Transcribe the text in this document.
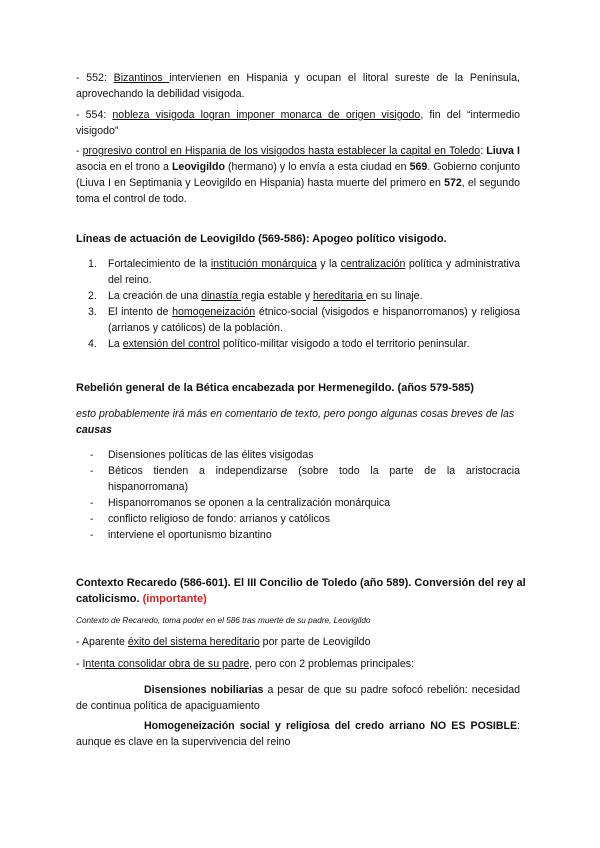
- 552: Bizantinos intervienen en Hispania y ocupan el litoral sureste de la Península, aprovechando la debilidad visigoda.
- 554: nobleza visigoda logran imponer monarca de origen visigodo, fin del “intermedio visigodo”
- progresivo control en Hispania de los visigodos hasta establecer la capital en Toledo: Liuva I asocia en el trono a Leovigildo (hermano) y lo envía a esta ciudad en 569. Gobierno conjunto (Liuva I en Septimania y Leovigildo en Hispania) hasta muerte del primero en 572, el segundo toma el control de todo.
Líneas de actuación de Leovigildo (569-586): Apogeo político visigodo.
1. Fortalecimiento de la institución monárquica y la centralización política y administrativa del reino.
2. La creación de una dinastía regia estable y hereditaria en su linaje.
3. El intento de homogeneización étnico-social (visigodos e hispanorromanos) y religiosa (arrianos y católicos) de la población.
4. La extensión del control político-militar visigodo a todo el territorio peninsular.
Rebelión general de la Bética encabezada por Hermenegildo. (años 579-585)
esto probablemente irá más en comentario de texto, pero pongo algunas cosas breves de las causas
- Disensiones políticas de las élites visigodas
- Béticos tienden a independizarse (sobre todo la parte de la aristocracia hispanorromana)
- Hispanorromanos se oponen a la centralización monárquica
- conflicto religioso de fondo: arrianos y católicos
- interviene el oportunismo bizantino
Contexto Recaredo (586-601). El III Concilio de Toledo (año 589). Conversión del rey al catolicismo. (importante)
Contexto de Recaredo, toma poder en el 586 tras muerte de su padre, Leovigildo
- Aparente éxito del sistema hereditario por parte de Leovigildo
- Intenta consolidar obra de su padre, pero con 2 problemas principales:
Disensiones nobiliarias a pesar de que su padre sofocó rebelión: necesidad de continua política de apaciguamiento
Homogeneización social y religiosa del credo arriano NO ES POSIBLE: aunque es clave en la supervivencia del reino
